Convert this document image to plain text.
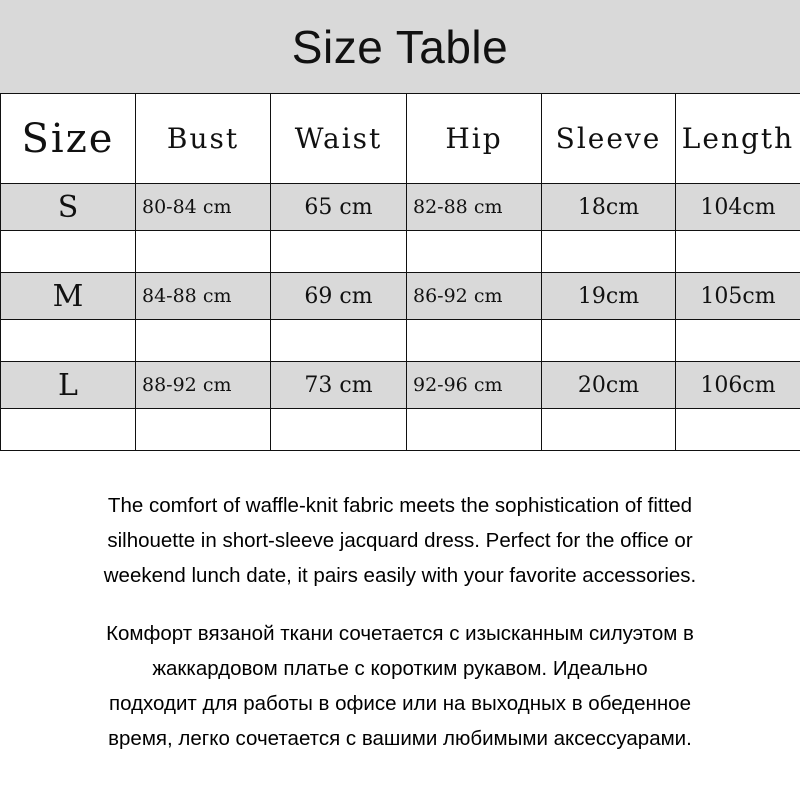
Size Table
Size	Bust	Waist	Hip	Sleeve	Length
S	80-84 cm	65 cm	82-88 cm	18cm	104cm

M	84-88 cm	69 cm	86-92 cm	19cm	105cm

L	88-92 cm	73 cm	92-96 cm	20cm	106cm

The comfort of waffle-knit fabric meets the sophistication of fitted
silhouette in short-sleeve jacquard dress. Perfect for the office or
weekend lunch date, it pairs easily with your favorite accessories.
Комфорт вязаной ткани сочетается с изысканным силуэтом в
жаккардовом платье с коротким рукавом. Идеально
подходит для работы в офисе или на выходных в обеденное
время, легко сочетается с вашими любимыми аксессуарами.
